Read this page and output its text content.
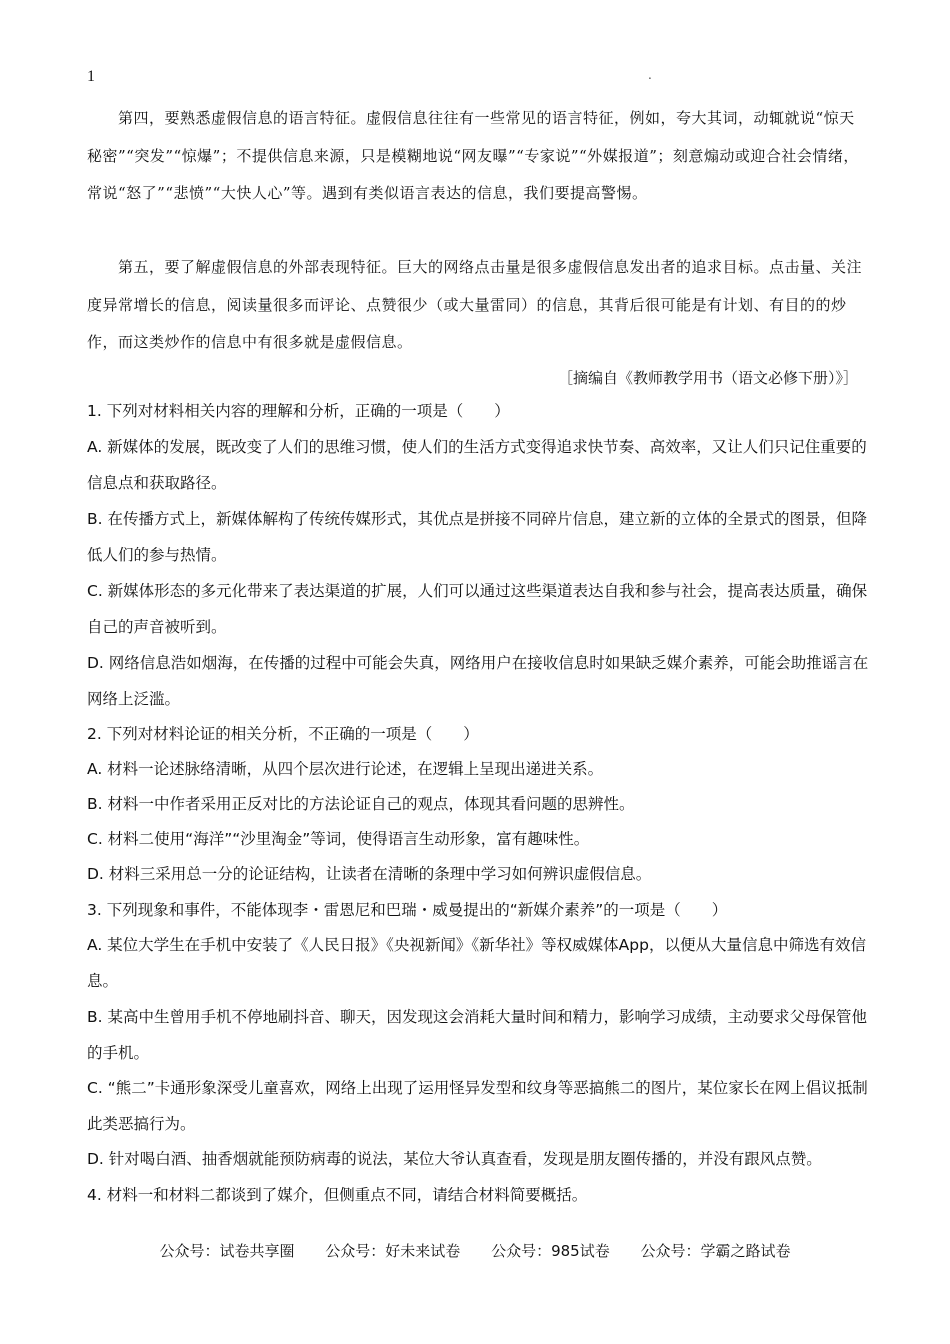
1	.
第四，要熟悉虚假信息的语言特征。虚假信息往往有一些常见的语言特征，例如，夸大其词，动辄就说“惊天秘密”“突发”“惊爆”；不提供信息来源，只是模糊地说“网友曝”“专家说”“外媒报道”；刻意煽动或迎合社会情绪，常说“怒了”“悲愤”“大快人心”等。遇到有类似语言表达的信息，我们要提高警惕。
第五，要了解虚假信息的外部表现特征。巨大的网络点击量是很多虚假信息发出者的追求目标。点击量、关注度异常增长的信息，阅读量很多而评论、点赞很少（或大量雷同）的信息，其背后很可能是有计划、有目的的炒作，而这类炒作的信息中有很多就是虚假信息。
［摘编自《教师教学用书（语文必修下册）》］
1. 下列对材料相关内容的理解和分析，正确的一项是（　　）
A. 新媒体的发展，既改变了人们的思维习惯，使人们的生活方式变得追求快节奏、高效率，又让人们只记住重要的信息点和获取路径。
B. 在传播方式上，新媒体解构了传统传媒形式，其优点是拼接不同碎片信息，建立新的立体的全景式的图景，但降低人们的参与热情。
C. 新媒体形态的多元化带来了表达渠道的扩展，人们可以通过这些渠道表达自我和参与社会，提高表达质量，确保自己的声音被听到。
D. 网络信息浩如烟海，在传播的过程中可能会失真，网络用户在接收信息时如果缺乏媒介素养，可能会助推谣言在网络上泛滥。
2. 下列对材料论证的相关分析，不正确的一项是（　　）
A. 材料一论述脉络清晰，从四个层次进行论述，在逻辑上呈现出递进关系。
B. 材料一中作者采用正反对比的方法论证自己的观点，体现其看问题的思辨性。
C. 材料二使用“海洋”“沙里淘金”等词，使得语言生动形象，富有趣味性。
D. 材料三采用总一分的论证结构，让读者在清晰的条理中学习如何辨识虚假信息。
3. 下列现象和事件，不能体现李・雷恩尼和巴瑞・威曼提出的“新媒介素养”的一项是（　　）
A. 某位大学生在手机中安装了《人民日报》《央视新闻》《新华社》等权威媒体App，以便从大量信息中筛选有效信息。
B. 某高中生曾用手机不停地刷抖音、聊天，因发现这会消耗大量时间和精力，影响学习成绩，主动要求父母保管他的手机。
C. “熊二”卡通形象深受儿童喜欢，网络上出现了运用怪异发型和纹身等恶搞熊二的图片，某位家长在网上倡议抵制此类恶搞行为。
D. 针对喝白酒、抽香烟就能预防病毒的说法，某位大爷认真查看，发现是朋友圈传播的，并没有跟风点赞。
4. 材料一和材料二都谈到了媒介，但侧重点不同，请结合材料简要概括。
公众号：试卷共享圈 公众号：好未来试卷 公众号：985试卷 公众号：学霸之路试卷
